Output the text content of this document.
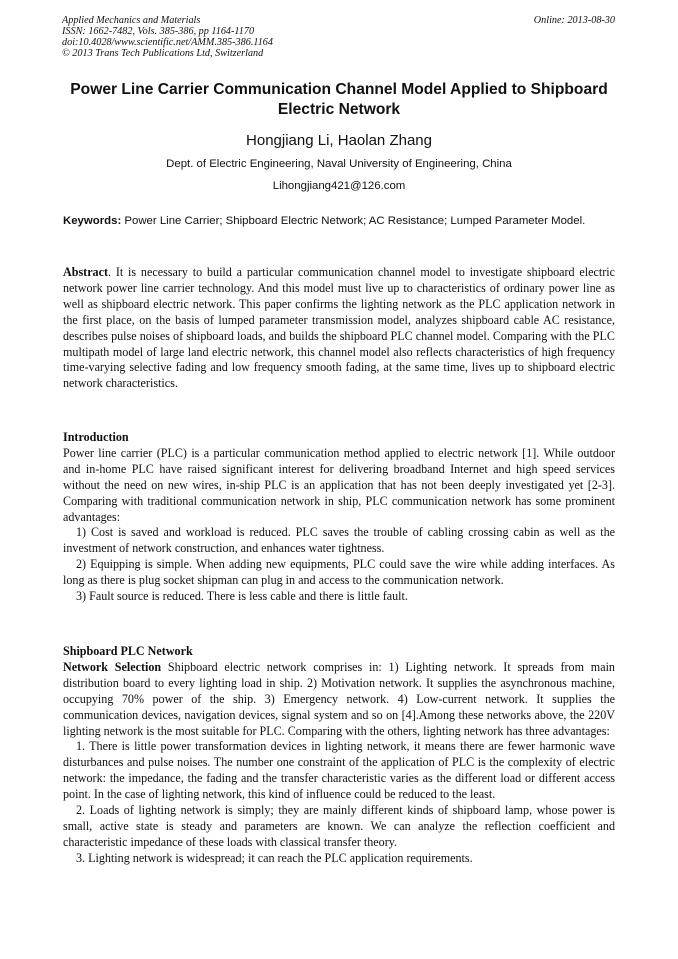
Applied Mechanics and Materials
ISSN: 1662-7482, Vols. 385-386, pp 1164-1170
doi:10.4028/www.scientific.net/AMM.385-386.1164
© 2013 Trans Tech Publications Ltd, Switzerland
Online: 2013-08-30
Power Line Carrier Communication Channel Model Applied to Shipboard Electric Network
Hongjiang Li, Haolan Zhang
Dept. of Electric Engineering, Naval University of Engineering, China
Lihongjiang421@126.com
Keywords: Power Line Carrier; Shipboard Electric Network; AC Resistance; Lumped Parameter Model.

Abstract. It is necessary to build a particular communication channel model to investigate shipboard electric network power line carrier technology. And this model must live up to characteristics of ordinary power line as well as shipboard electric network. This paper confirms the lighting network as the PLC application network in the first place, on the basis of lumped parameter transmission model, analyzes shipboard cable AC resistance, describes pulse noises of shipboard loads, and builds the shipboard PLC channel model. Comparing with the PLC multipath model of large land electric network, this channel model also reflects characteristics of high frequency time-varying selective fading and low frequency smooth fading, at the same time, lives up to shipboard electric network characteristics.

Introduction

Power line carrier (PLC) is a particular communication method applied to electric network [1]. While outdoor and in-home PLC have raised significant interest for delivering broadband Internet and high speed services without the need on new wires, in-ship PLC is an application that has not been deeply investigated yet [2-3]. Comparing with traditional communication network in ship, PLC communication network has some prominent advantages:

1) Cost is saved and workload is reduced. PLC saves the trouble of cabling crossing cabin as well as the investment of network construction, and enhances water tightness.

2) Equipping is simple. When adding new equipments, PLC could save the wire while adding interfaces. As long as there is plug socket shipman can plug in and access to the communication network.

3) Fault source is reduced. There is less cable and there is little fault.

Shipboard PLC Network

Network Selection Shipboard electric network comprises in: 1) Lighting network. It spreads from main distribution board to every lighting load in ship. 2) Motivation network. It supplies the asynchronous machine, occupying 70% power of the ship. 3) Emergency network. 4) Low-current network. It supplies the communication devices, navigation devices, signal system and so on [4].Among these networks above, the 220V lighting network is the most suitable for PLC. Comparing with the others, lighting network has three advantages:

1. There is little power transformation devices in lighting network, it means there are fewer harmonic wave disturbances and pulse noises. The number one constraint of the application of PLC is the complexity of electric network: the impedance, the fading and the transfer characteristic varies as the different load or different access point. In the case of lighting network, this kind of influence could be reduced to the least.

2. Loads of lighting network is simply; they are mainly different kinds of shipboard lamp, whose power is small, active state is steady and parameters are known. We can analyze the reflection coefficient and characteristic impedance of these loads with classical transfer theory.

3. Lighting network is widespread; it can reach the PLC application requirements.
